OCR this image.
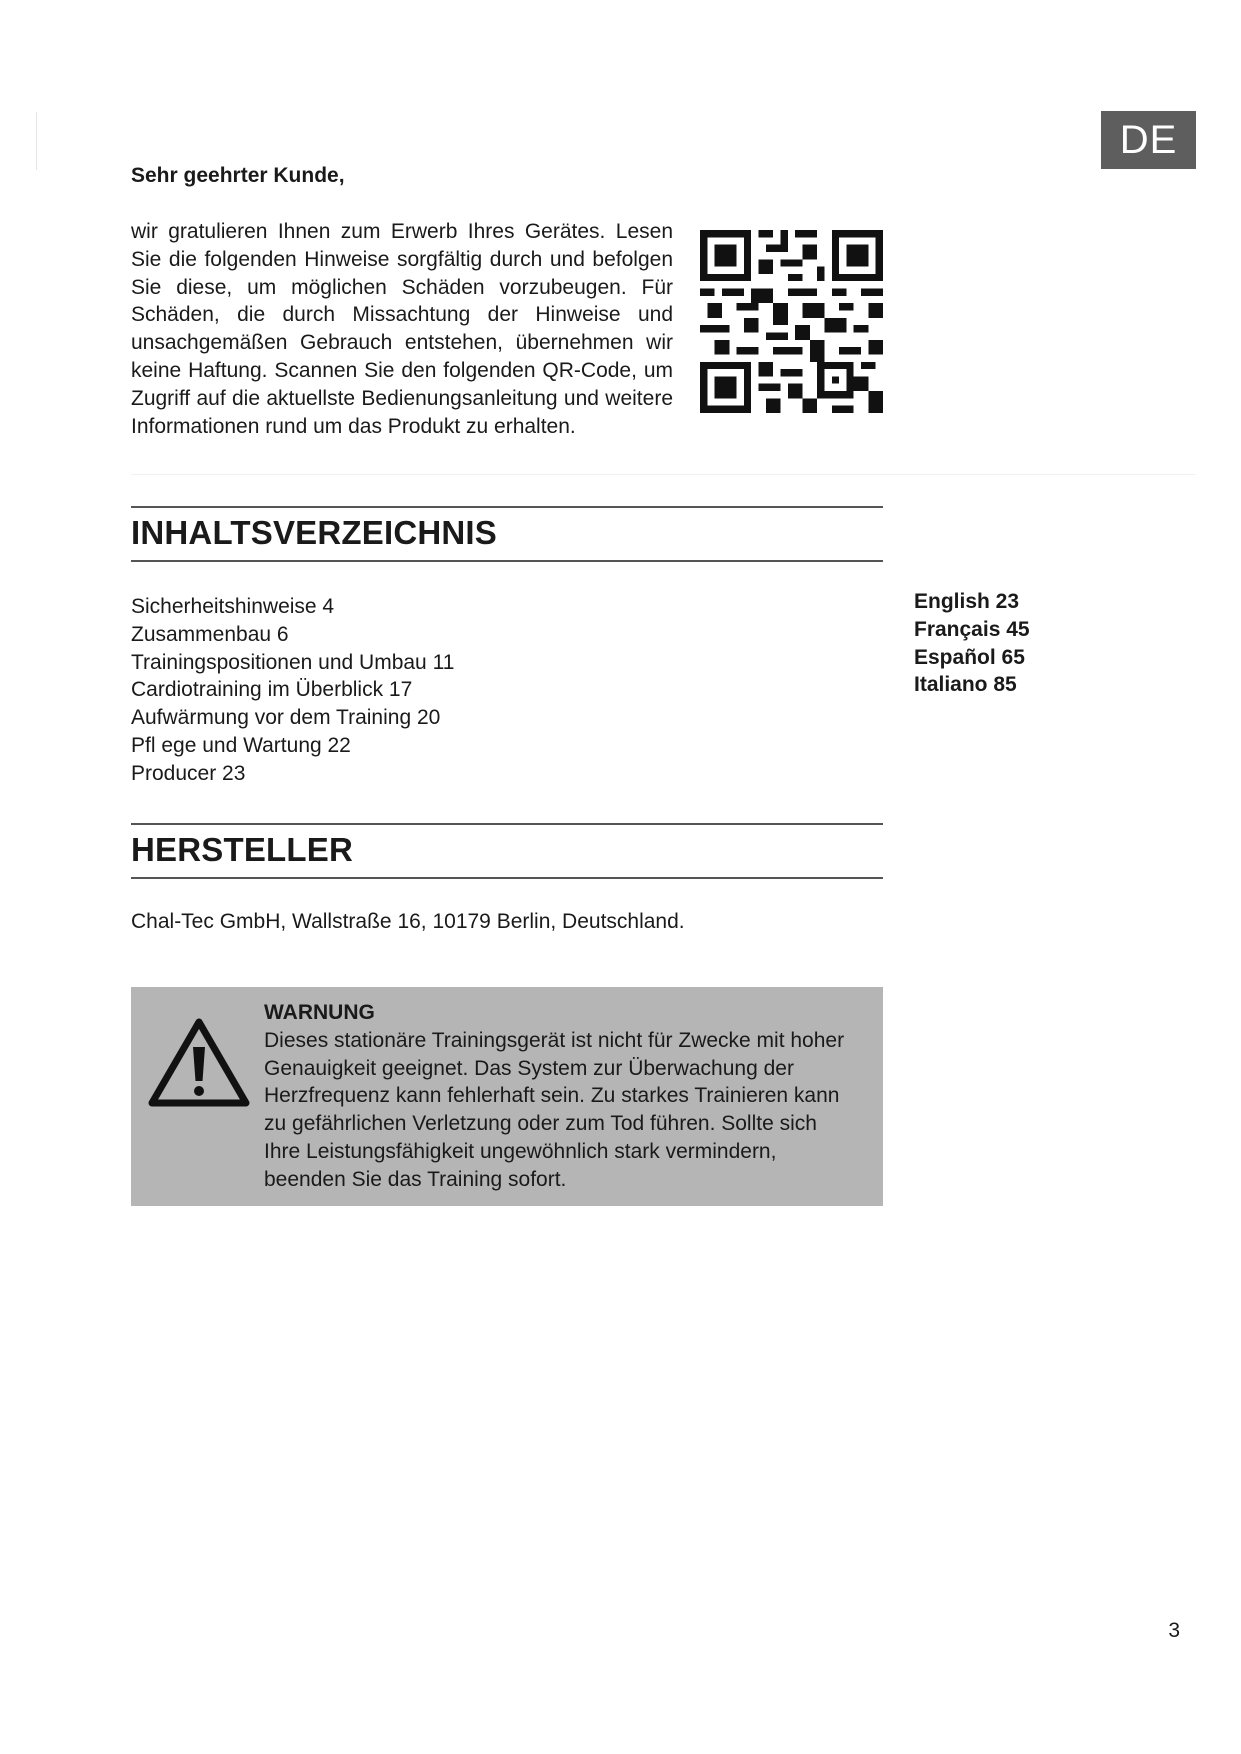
DE
Sehr geehrter Kunde,

wir gratulieren Ihnen zum Erwerb Ihres Gerätes. Lesen Sie die folgenden Hinweise sorgfältig durch und befolgen Sie diese, um möglichen Schäden vorzubeugen. Für Schäden, die durch Missachtung der Hinweise und unsachgemäßen Gebrauch entstehen, übernehmen wir keine Haftung. Scannen Sie den folgenden QR-Code, um Zugriff auf die aktuellste Bedienungsanleitung und weitere Informationen rund um das Produkt zu erhalten.

INHALTSVERZEICHNIS
Sicherheitshinweise 4
Zusammenbau 6
Trainingspositionen und Umbau 11
Cardiotraining im Überblick 17
Aufwärmung vor dem Training 20
Pfl ege und Wartung 22
Producer 23
English 23
Français 45
Español 65
Italiano 85
HERSTELLER
Chal-Tec GmbH, Wallstraße 16, 10179 Berlin, Deutschland.
WARNUNG
Dieses stationäre Trainingsgerät ist nicht für Zwecke mit hoher
Genauigkeit geeignet. Das System zur Überwachung der
Herzfrequenz kann fehlerhaft sein. Zu starkes Trainieren kann
zu gefährlichen Verletzung oder zum Tod führen. Sollte sich
Ihre Leistungsfähigkeit ungewöhnlich stark vermindern,
beenden Sie das Training sofort.
3
